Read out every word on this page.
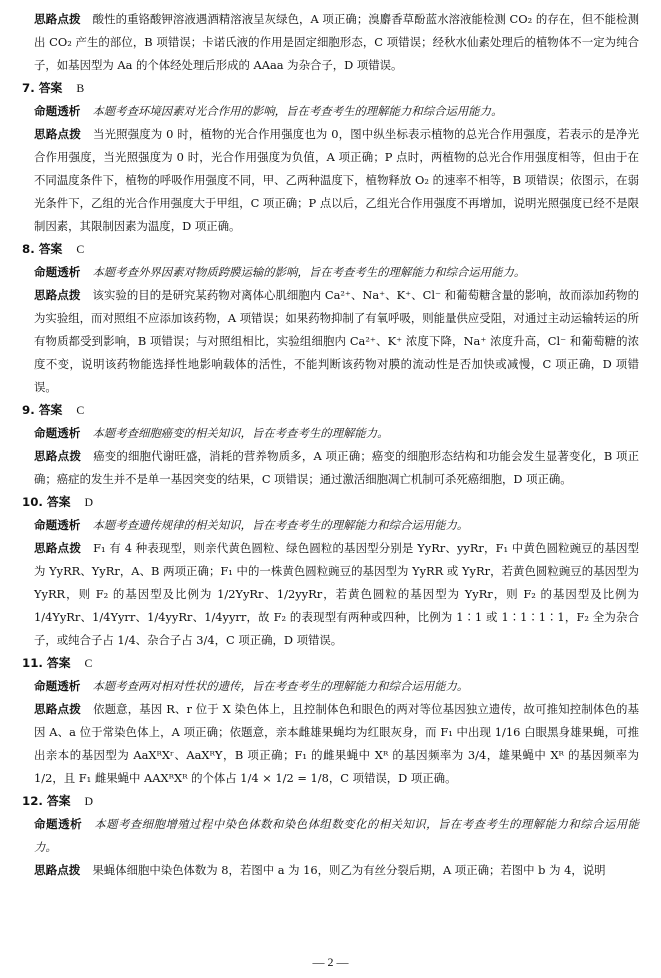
思路点拨 酸性的重铬酸钾溶液遇酒精溶液呈灰绿色，A 项正确；溴麝香草酚蓝水溶液能检测 CO₂ 的存在，但不能检测出 CO₂ 产生的部位，B 项错误；卡诺氏液的作用是固定细胞形态，C 项错误；经秋水仙素处理后的植物体不一定为纯合子，如基因型为 Aa 的个体经处理后形成的 AAaa 为杂合子，D 项错误。

7. 答案 B

命题透析 本题考查环境因素对光合作用的影响，旨在考查考生的理解能力和综合运用能力。

思路点拨 当光照强度为 0 时，植物的光合作用强度也为 0，图中纵坐标表示植物的总光合作用强度，若表示的是净光合作用强度，当光照强度为 0 时，光合作用强度为负值，A 项正确；P 点时，两植物的总光合作用强度相等，但由于在不同温度条件下，植物的呼吸作用强度不同，甲、乙两种温度下，植物释放 O₂ 的速率不相等，B 项错误；依图示，在弱光条件下，乙组的光合作用强度大于甲组，C 项正确；P 点以后，乙组光合作用强度不再增加，说明光照强度已经不是限制因素，其限制因素为温度，D 项正确。

8. 答案 C

命题透析 本题考查外界因素对物质跨膜运输的影响，旨在考查考生的理解能力和综合运用能力。

思路点拨 该实验的目的是研究某药物对离体心肌细胞内 Ca²⁺、Na⁺、K⁺、Cl⁻ 和葡萄糖含量的影响，故而添加药物的为实验组，而对照组不应添加该药物，A 项错误；如果药物抑制了有氧呼吸，则能量供应受阻，对通过主动运输转运的所有物质都受到影响，B 项错误；与对照组相比，实验组细胞内 Ca²⁺、K⁺ 浓度下降，Na⁺ 浓度升高，Cl⁻ 和葡萄糖的浓度不变，说明该药物能选择性地影响载体的活性，不能判断该药物对膜的流动性是否加快或减慢，C 项正确，D 项错误。

9. 答案 C

命题透析 本题考查细胞癌变的相关知识，旨在考查考生的理解能力。

思路点拨 癌变的细胞代谢旺盛，消耗的营养物质多，A 项正确；癌变的细胞形态结构和功能会发生显著变化，B 项正确；癌症的发生并不是单一基因突变的结果，C 项错误；通过激活细胞凋亡机制可杀死癌细胞，D 项正确。

10. 答案 D

命题透析 本题考查遗传规律的相关知识，旨在考查考生的理解能力和综合运用能力。

思路点拨 F₁ 有 4 种表现型，则亲代黄色圆粒、绿色圆粒的基因型分别是 YyRr、yyRr，F₁ 中黄色圆粒豌豆的基因型为 YyRR、YyRr，A、B 两项正确；F₁ 中的一株黄色圆粒豌豆的基因型为 YyRR 或 YyRr，若黄色圆粒豌豆的基因型为 YyRR，则 F₂ 的基因型及比例为 1/2YyRr、1/2yyRr，若黄色圆粒的基因型为 YyRr，则 F₂ 的基因型及比例为 1/4YyRr、1/4Yyrr、1/4yyRr、1/4yyrr，故 F₂ 的表现型有两种或四种，比例为 1∶1 或 1∶1∶1∶1，F₂ 全为杂合子，或纯合子占 1/4、杂合子占 3/4，C 项正确，D 项错误。

11. 答案 C

命题透析 本题考查两对相对性状的遗传，旨在考查考生的理解能力和综合运用能力。

思路点拨 依题意，基因 R、r 位于 X 染色体上，且控制体色和眼色的两对等位基因独立遗传，故可推知控制体色的基因 A、a 位于常染色体上，A 项正确；依题意，亲本雌雄果蝇均为红眼灰身，而 F₁ 中出现 1/16 白眼黑身雄果蝇，可推出亲本的基因型为 AaXᴿXʳ、AaXᴿY，B 项正确；F₁ 的雌果蝇中 Xᴿ 的基因频率为 3/4，雄果蝇中 Xᴿ 的基因频率为 1/2，且 F₁ 雌果蝇中 AAXᴿXᴿ 的个体占 1/4 × 1/2 = 1/8，C 项错误，D 项正确。

12. 答案 D

命题透析 本题考查细胞增殖过程中染色体数和染色体组数变化的相关知识，旨在考查考生的理解能力和综合运用能力。

思路点拨 果蝇体细胞中染色体数为 8，若图中 a 为 16，则乙为有丝分裂后期，A 项正确；若图中 b 为 4，说明

— 2 —
